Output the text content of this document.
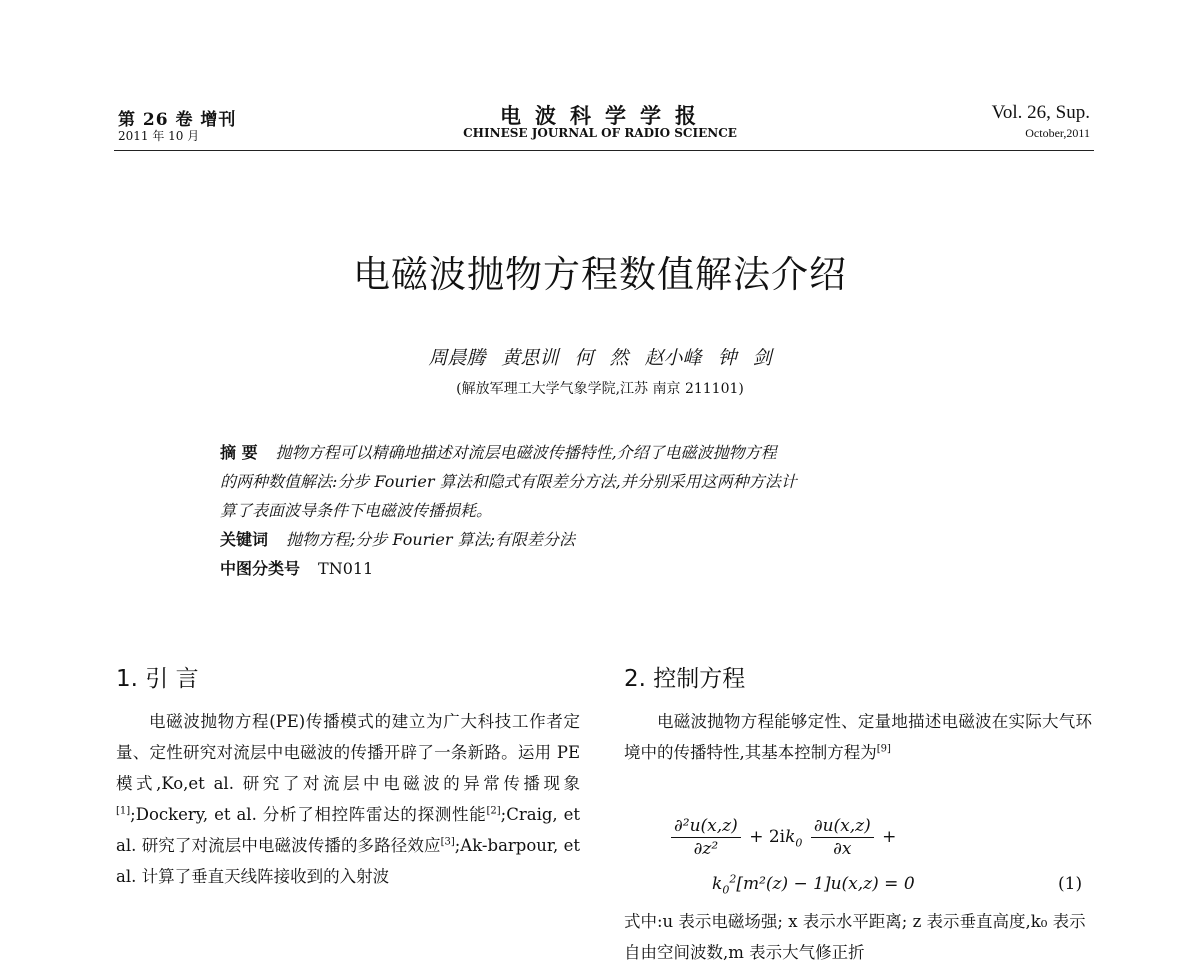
第 26 卷 增刊
2011 年 10 月
电波科学学报
CHINESE JOURNAL OF RADIO SCIENCE
Vol. 26, Sup.
October,2011
电磁波抛物方程数值解法介绍
周晨腾 黄思训 何 然 赵小峰 钟 剑
(解放军理工大学气象学院,江苏 南京 211101)
摘 要 抛物方程可以精确地描述对流层电磁波传播特性,介绍了电磁波抛物方程
的两种数值解法:分步 Fourier 算法和隐式有限差分方法,并分别采用这两种方法计
算了表面波导条件下电磁波传播损耗。
关键词 抛物方程;分步 Fourier 算法;有限差分法
中图分类号 TN011
1. 引 言

电磁波抛物方程(PE)传播模式的建立为广大科技工作者定量、定性研究对流层中电磁波的传播开辟了一条新路。运用 PE 模式,Ko,et al. 研究了对流层中电磁波的异常传播现象[1];Dockery, et al. 分析了相控阵雷达的探测性能[2];Craig, et al. 研究了对流层中电磁波传播的多路径效应[3];Ak-barpour, et al. 计算了垂直天线阵接收到的入射波

2. 控制方程

电磁波抛物方程能够定性、定量地描述电磁波在实际大气环境中的传播特性,其基本控制方程为[9]

$\frac{\text{∂²u(x,z)}}{\text{∂z²}} + 2ik_0 \frac{\partial u(x,z)}{\partial x}$ +
$k_0^2[m^2(z) - 1]u(x,z) = 0$	(1)
式中:u 表示电磁场强; x 表示水平距离; z 表示垂直高度,k₀ 表示自由空间波数,m 表示大气修正折
